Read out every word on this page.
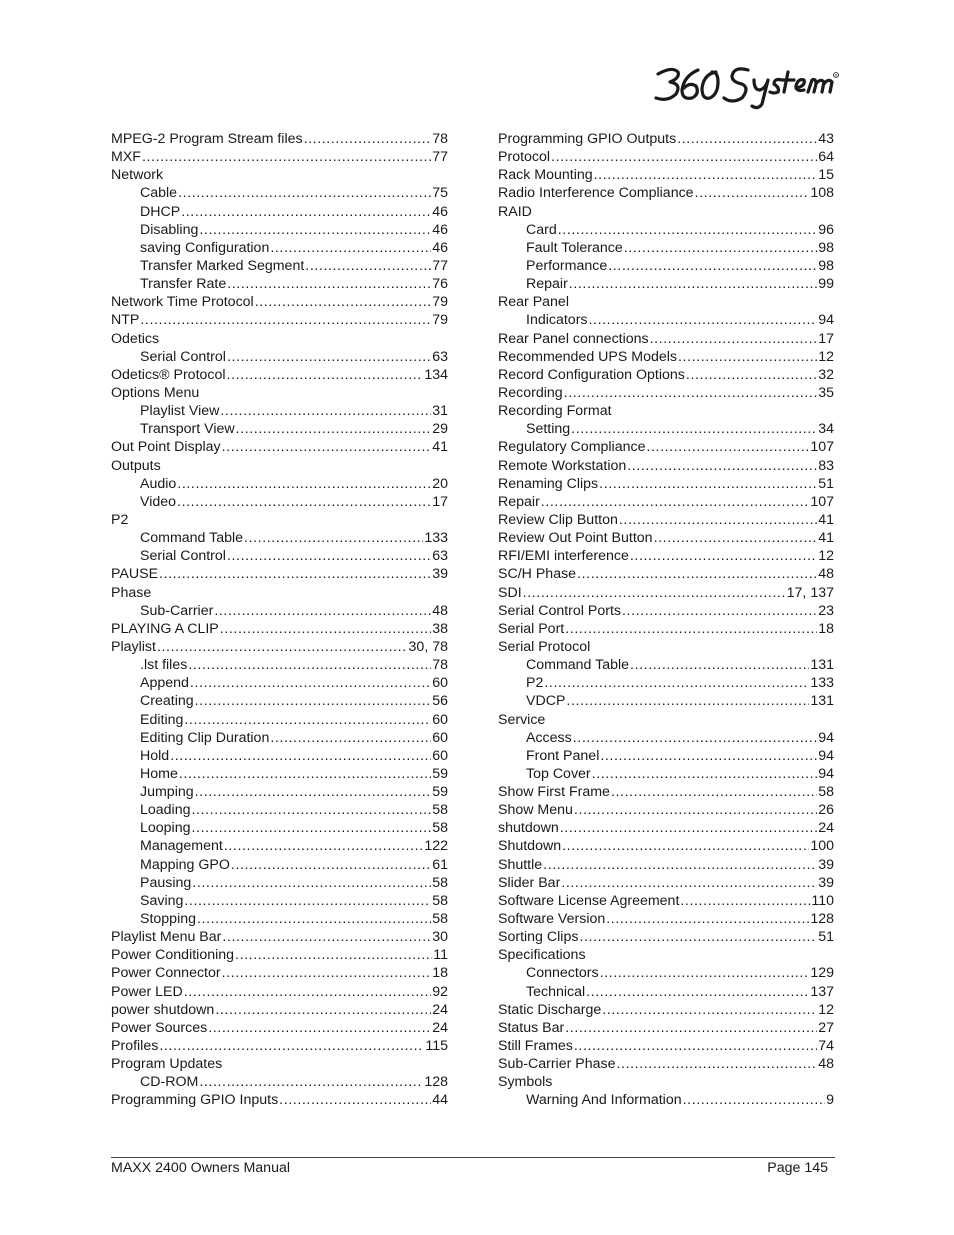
R
MPEG-2 Program Stream files .....	78
MXF .....	77
Network
Cable .....	75
DHCP .....	46
Disabling .....	46
saving Configuration .....	46
Transfer Marked Segment .....	77
Transfer Rate .....	76
Network Time Protocol .....	79
NTP .....	79
Odetics
Serial Control .....	63
Odetics® Protocol .....	134
Options Menu
Playlist View .....	31
Transport View .....	29
Out Point Display .....	41
Outputs
Audio .....	20
Video .....	17
P2
Command Table .....	133
Serial Control .....	63
PAUSE .....	39
Phase
Sub-Carrier .....	48
PLAYING A CLIP .....	38
Playlist .....	30, 78
.lst files .....	78
Append .....	60
Creating .....	56
Editing .....	60
Editing Clip Duration .....	60
Hold .....	60
Home .....	59
Jumping .....	59
Loading .....	58
Looping .....	58
Management .....	122
Mapping GPO .....	61
Pausing .....	58
Saving .....	58
Stopping .....	58
Playlist Menu Bar .....	30
Power Conditioning .....	11
Power Connector .....	18
Power LED .....	92
power shutdown .....	24
Power Sources .....	24
Profiles .....	115
Program Updates
CD-ROM .....	128
Programming GPIO Inputs .....	44
Programming GPIO Outputs .....	43
Protocol .....	64
Rack Mounting .....	15
Radio Interference Compliance .....	108
RAID
Card .....	96
Fault Tolerance .....	98
Performance .....	98
Repair .....	99
Rear Panel
Indicators .....	94
Rear Panel connections .....	17
Recommended UPS Models .....	12
Record Configuration Options .....	32
Recording .....	35
Recording Format
Setting .....	34
Regulatory Compliance .....	107
Remote Workstation .....	83
Renaming Clips .....	51
Repair .....	107
Review Clip Button .....	41
Review Out Point Button .....	41
RFI/EMI interference .....	12
SC/H Phase .....	48
SDI .....	17, 137
Serial Control Ports .....	23
Serial Port .....	18
Serial Protocol
Command Table .....	131
P2 .....	133
VDCP .....	131
Service
Access .....	94
Front Panel .....	94
Top Cover .....	94
Show First Frame .....	58
Show Menu .....	26
shutdown .....	24
Shutdown .....	100
Shuttle .....	39
Slider Bar .....	39
Software License Agreement .....	110
Software Version .....	128
Sorting Clips .....	51
Specifications
Connectors .....	129
Technical .....	137
Static Discharge .....	12
Status Bar .....	27
Still Frames .....	74
Sub-Carrier Phase .....	48
Symbols
Warning And Information .....	9
MAXX 2400 Owners Manual	Page 145
